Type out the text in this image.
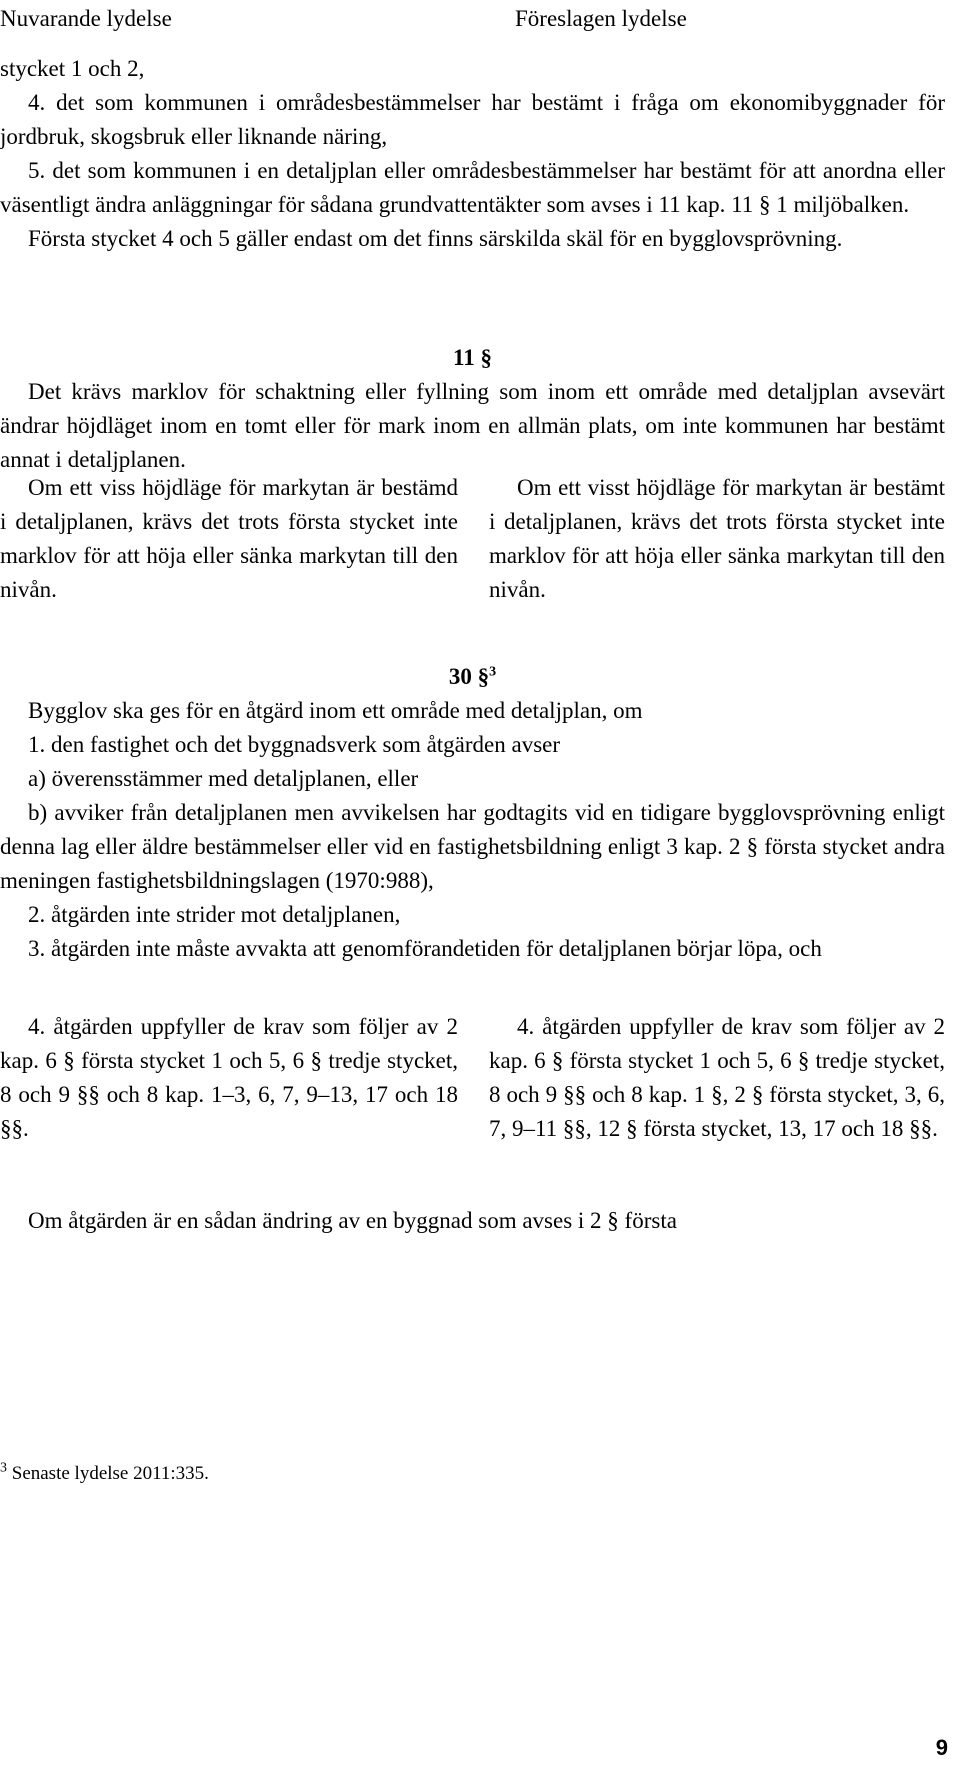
Nuvarande lydelse	Föreslagen lydelse

stycket 1 och 2,

4. det som kommunen i områdesbestämmelser har bestämt i fråga om ekonomibyggnader för jordbruk, skogsbruk eller liknande näring,

5. det som kommunen i en detaljplan eller områdesbestämmelser har bestämt för att anordna eller väsentligt ändra anläggningar för sådana grundvattentäkter som avses i 11 kap. 11 § 1 miljöbalken.

Första stycket 4 och 5 gäller endast om det finns särskilda skäl för en bygglovsprövning.

11 §

Det krävs marklov för schaktning eller fyllning som inom ett område med detaljplan avsevärt ändrar höjdläget inom en tomt eller för mark inom en allmän plats, om inte kommunen har bestämt annat i detaljplanen.

Om ett viss höjdläge för markytan är bestämd i detaljplanen, krävs det trots första stycket inte marklov för att höja eller sänka markytan till den nivån.

Om ett visst höjdläge för markytan är bestämt i detaljplanen, krävs det trots första stycket inte marklov för att höja eller sänka markytan till den nivån.

30 §$^3$

Bygglov ska ges för en åtgärd inom ett område med detaljplan, om

1. den fastighet och det byggnadsverk som åtgärden avser

a) överensstämmer med detaljplanen, eller

b) avviker från detaljplanen men avvikelsen har godtagits vid en tidigare bygglovsprövning enligt denna lag eller äldre bestämmelser eller vid en fastighetsbildning enligt 3 kap. 2 § första stycket andra meningen fastighetsbildningslagen (1970:988),

2. åtgärden inte strider mot detaljplanen,

3. åtgärden inte måste avvakta att genomförandetiden för detaljplanen börjar löpa, och

4. åtgärden uppfyller de krav som följer av 2 kap. 6 § första stycket 1 och 5, 6 § tredje stycket, 8 och 9 §§ och 8 kap. 1–3, 6, 7, 9–13, 17 och 18 §§.

4. åtgärden uppfyller de krav som följer av 2 kap. 6 § första stycket 1 och 5, 6 § tredje stycket, 8 och 9 §§ och 8 kap. 1 §, 2 § första stycket, 3, 6, 7, 9–11 §§, 12 § första stycket, 13, 17 och 18 §§.

Om åtgärden är en sådan ändring av en byggnad som avses i 2 § första

$^3$ Senaste lydelse 2011:335.
9
